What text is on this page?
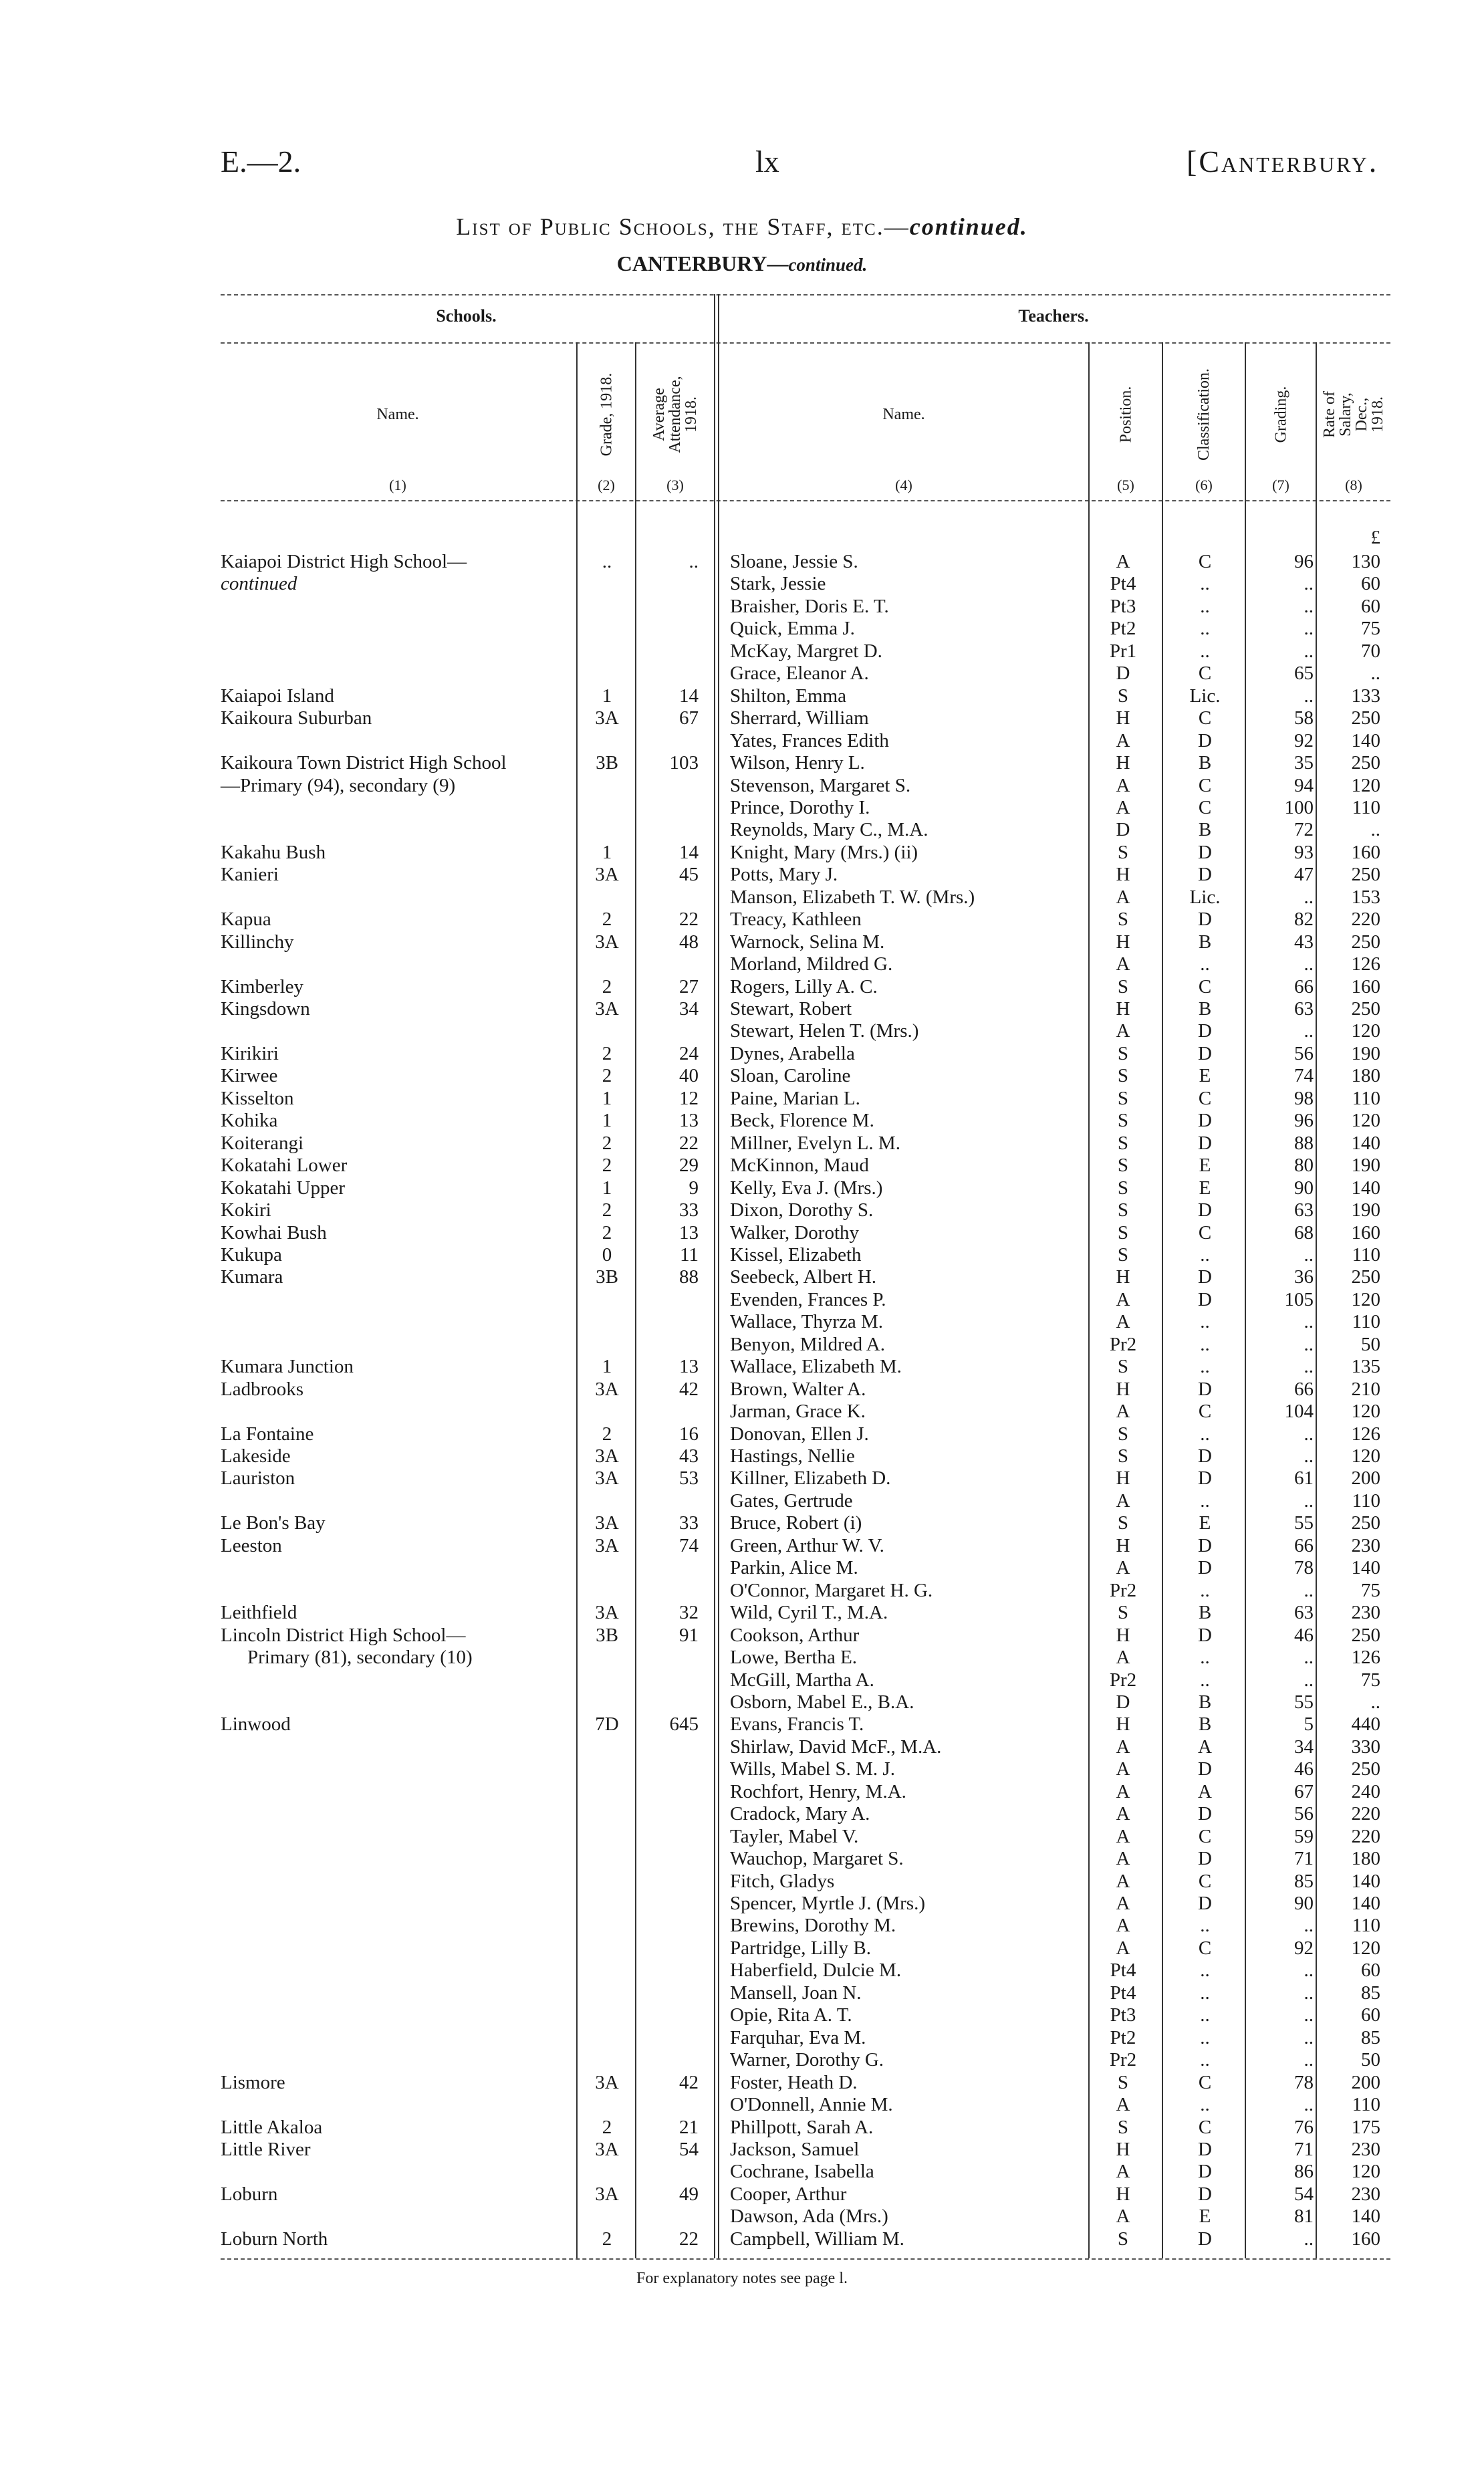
E.—2.	lx	[Canterbury.
List of Public Schools, the Staff, etc.—continued.
CANTERBURY—continued.
Schools.	Teachers.
Name.	Grade, 1918. Average Attendance, 1918.	Name.	Position.	Classification.	Grading. Rate of Salary, Dec., 1918.
(1)	(2)	(3)	(4)	(5)	(6)	(7)	(8)
£
Kaiapoi District High School—	..	.. Sloane, Jessie S.	A	C	96	130
continued	Stark, Jessie	Pt4	..	..	60
Braisher, Doris E. T.	Pt3	..	..	60
Quick, Emma J.	Pt2	..	..	75
McKay, Margret D.	Pr1	..	..	70
Grace, Eleanor A.	D	C	65	..
Kaiapoi Island	1	14 Shilton, Emma	S	Lic.	..	133
Kaikoura Suburban	3A	67 Sherrard, William	H	C	58	250
Yates, Frances Edith	A	D	92	140
Kaikoura Town District High School	3B	103 Wilson, Henry L.	H	B	35	250
—Primary (94), secondary (9)	Stevenson, Margaret S.	A	C	94	120
Prince, Dorothy I.	A	C	100	110
Reynolds, Mary C., M.A.	D	B	72	..
Kakahu Bush	1	14 Knight, Mary (Mrs.) (ii)	S	D	93	160
Kanieri	3A	45 Potts, Mary J.	H	D	47	250
Manson, Elizabeth T. W. (Mrs.)	A	Lic.	..	153
Kapua	2	22 Treacy, Kathleen	S	D	82	220
Killinchy	3A	48 Warnock, Selina M.	H	B	43	250
Morland, Mildred G.	A	..	..	126
Kimberley	2	27 Rogers, Lilly A. C.	S	C	66	160
Kingsdown	3A	34 Stewart, Robert	H	B	63	250
Stewart, Helen T. (Mrs.)	A	D	..	120
Kirikiri	2	24 Dynes, Arabella	S	D	56	190
Kirwee	2	40 Sloan, Caroline	S	E	74	180
Kisselton	1	12 Paine, Marian L.	S	C	98	110
Kohika	1	13 Beck, Florence M.	S	D	96	120
Koiterangi	2	22 Millner, Evelyn L. M.	S	D	88	140
Kokatahi Lower	2	29 McKinnon, Maud	S	E	80	190
Kokatahi Upper	1	9 Kelly, Eva J. (Mrs.)	S	E	90	140
Kokiri	2	33 Dixon, Dorothy S.	S	D	63	190
Kowhai Bush	2	13 Walker, Dorothy	S	C	68	160
Kukupa	0	11 Kissel, Elizabeth	S	..	..	110
Kumara	3B	88 Seebeck, Albert H.	H	D	36	250
Evenden, Frances P.	A	D	105	120
Wallace, Thyrza M.	A	..	..	110
Benyon, Mildred A.	Pr2	..	..	50
Kumara Junction	1	13 Wallace, Elizabeth M.	S	..	..	135
Ladbrooks	3A	42 Brown, Walter A.	H	D	66	210
Jarman, Grace K.	A	C	104	120
La Fontaine	2	16 Donovan, Ellen J.	S	..	..	126
Lakeside	3A	43 Hastings, Nellie	S	D	..	120
Lauriston	3A	53 Killner, Elizabeth D.	H	D	61	200
Gates, Gertrude	A	..	..	110
Le Bon's Bay	3A	33 Bruce, Robert (i)	S	E	55	250
Leeston	3A	74 Green, Arthur W. V.	H	D	66	230
Parkin, Alice M.	A	D	78	140
O'Connor, Margaret H. G.	Pr2	..	..	75
Leithfield	3A	32 Wild, Cyril T., M.A.	S	B	63	230
Lincoln District High School—	3B	91 Cookson, Arthur	H	D	46	250
Primary (81), secondary (10)	Lowe, Bertha E.	A	..	..	126
McGill, Martha A.	Pr2	..	..	75
Osborn, Mabel E., B.A.	D	B	55	..
Linwood	7D	645 Evans, Francis T.	H	B	5	440
Shirlaw, David McF., M.A.	A	A	34	330
Wills, Mabel S. M. J.	A	D	46	250
Rochfort, Henry, M.A.	A	A	67	240
Cradock, Mary A.	A	D	56	220
Tayler, Mabel V.	A	C	59	220
Wauchop, Margaret S.	A	D	71	180
Fitch, Gladys	A	C	85	140
Spencer, Myrtle J. (Mrs.)	A	D	90	140
Brewins, Dorothy M.	A	..	..	110
Partridge, Lilly B.	A	C	92	120
Haberfield, Dulcie M.	Pt4	..	..	60
Mansell, Joan N.	Pt4	..	..	85
Opie, Rita A. T.	Pt3	..	..	60
Farquhar, Eva M.	Pt2	..	..	85
Warner, Dorothy G.	Pr2	..	..	50
Lismore	3A	42 Foster, Heath D.	S	C	78	200
O'Donnell, Annie M.	A	..	..	110
Little Akaloa	2	21 Phillpott, Sarah A.	S	C	76	175
Little River	3A	54 Jackson, Samuel	H	D	71	230
Cochrane, Isabella	A	D	86	120
Loburn	3A	49 Cooper, Arthur	H	D	54	230
Dawson, Ada (Mrs.)	A	E	81	140
Loburn North	2	22 Campbell, William M.	S	D	..	160
For explanatory notes see page l.
